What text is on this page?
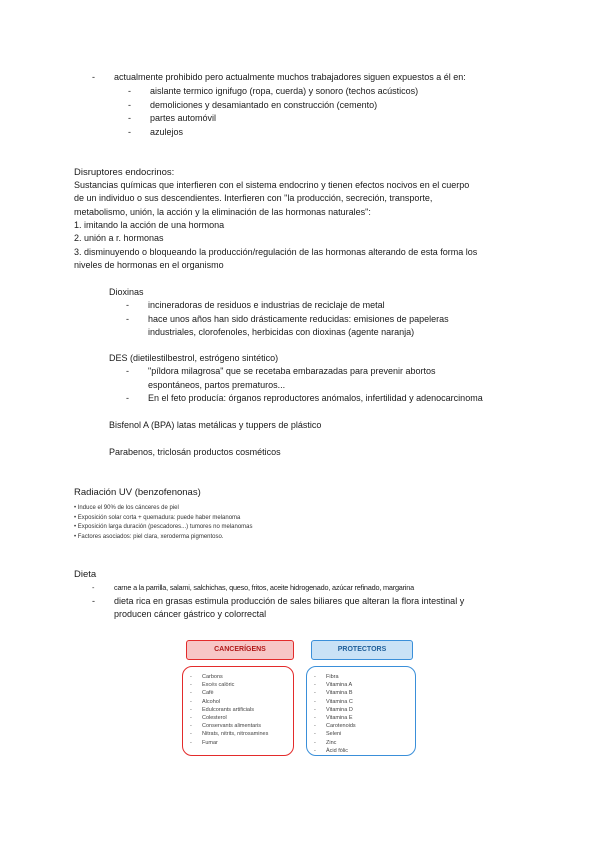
- actualmente prohibido pero actualmente muchos trabajadores siguen expuestos a él en:
- aislante termico ignifugo (ropa, cuerda) y sonoro (techos acústicos)
- demoliciones y desamiantado en construcción (cemento)
- partes automóvil
- azulejos
Disruptores endocrinos:
Sustancias químicas que interfieren con el sistema endocrino y tienen efectos nocivos en el cuerpo
de un individuo o sus descendientes. Interfieren con "la producción, secreción, transporte,
metabolismo, unión, la acción y la eliminación de las hormonas naturales":
1. imitando la acción de una hormona
2. unión a r. hormonas
3. disminuyendo o bloqueando la producción/regulación de las hormonas alterando de esta forma los
niveles de hormonas en el organismo
Dioxinas
- incineradoras de residuos e industrias de reciclaje de metal
- hace unos años han sido drásticamente reducidas: emisiones de papeleras
industriales, clorofenoles, herbicidas con dioxinas (agente naranja)
DES (dietilestilbestrol, estrógeno sintético)
- "píldora milagrosa" que se recetaba embarazadas para prevenir abortos
espontáneos, partos prematuros...
- En el feto producía: órganos reproductores anómalos, infertilidad y adenocarcinoma
Bisfenol A (BPA) latas metálicas y tuppers de plástico
Parabenos, triclosán productos cosméticos
Radiación UV (benzofenonas)
• Induce el 90% de los cánceres de piel
• Exposición solar corta + quemadura: puede haber melanoma
• Exposición larga duración (pescadores...) tumores no melanomas
• Factores asociados: piel clara, xeroderma pigmentoso.
Dieta
-	carne a la parrilla, salami, salchichas, queso, fritos, aceite hidrogenado, azúcar refinado, margarina
- dieta rica en grasas estimula producción de sales biliares que alteran la flora intestinal y
producen cáncer gástrico y colorrectal
CANCERÍGENS
- Carbons
- Excés calòric
- Cafè
- Alcohol
- Edulcorants artificials
- Colesterol
- Conservants alimentaris
- Nitrats, nitrits, nitrosamines
- Fumar
PROTECTORS
- Fibra
- Vitamina A
- Vitamina B
- Vitamina C
- Vitamina D
- Vitamina E
- Carotenoids
- Seleni
- Zinc
- Àcid fòlic
